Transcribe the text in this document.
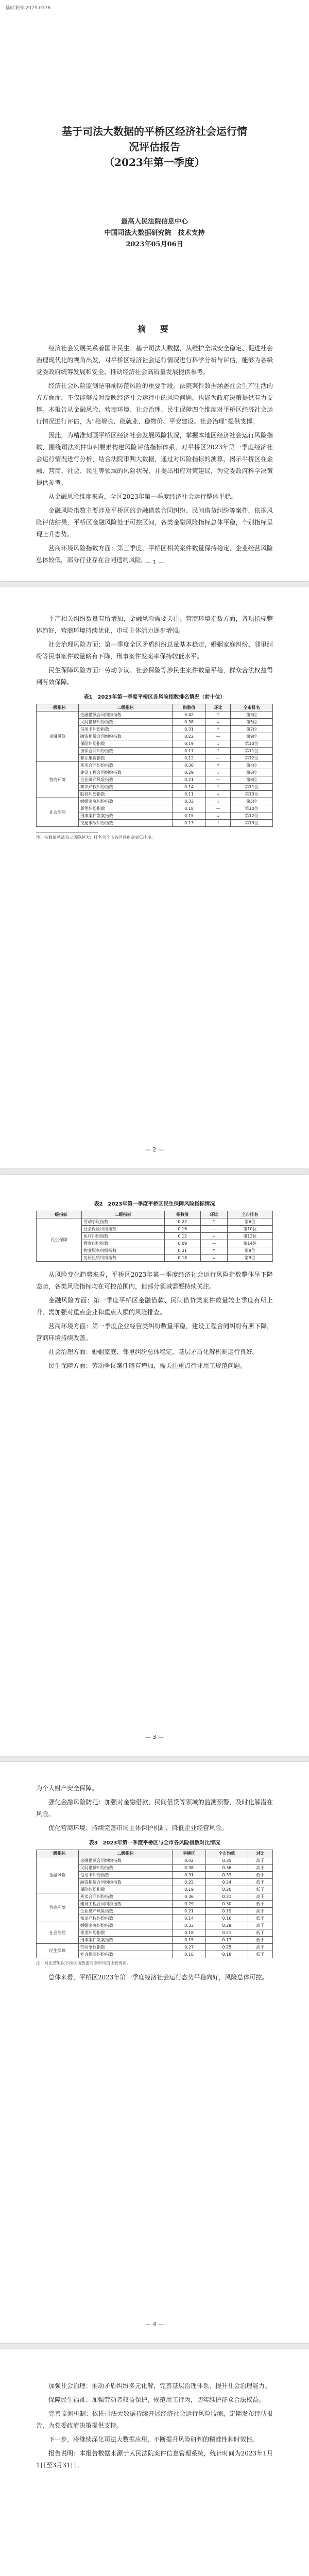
基础案例-2023-0176
基于司法大数据的平桥区经济社会运行情
况评估报告
（2023年第一季度）
最高人民法院信息中心
中国司法大数据研究院　技术支持
2023年05月06日
摘　要

经济社会发展关系着国计民生。基于司法大数据，从维护全域安全稳定、促进社会治理现代化的视角出发，对平桥区经济社会运行情况进行科学分析与评估，能够为各级党委政府统筹发展和安全、推动经济社会高质量发展提供参考。

经济社会风险监测是事前防范风险的重要手段。法院案件数据涵盖社会生产生活的方方面面，不仅能够及时反映经济社会运行中的风险问题，也能为政府决策提供有力支撑。本报告从金融风险、营商环境、社会治理、民生保障四个维度对平桥区经济社会运行情况进行评估，为“稳增长、稳就业、稳物价、平安建设、社会治理”提供支撑。

因此，为精准刻画平桥区经济社会发展风险状况，掌握本地区经济社会运行风险指数，围绕司法案件审判要素构建风险评估指标体系，对平桥区2023年第一季度经济社会运行情况进行分析，结合法院审判大数据，通过对风险指标的测算，揭示平桥区在金融、营商、社会、民生等领域的风险状况，并提出相应对策建议，为党委政府科学决策提供参考。

从金融风险维度来看，全区2023年第一季度经济社会运行整体平稳。

金融风险指数主要涉及平桥区的金融借款合同纠纷、民间借贷纠纷等案件，依据风险评估结果，平桥区金融风险处于可控区间，各类金融风险指标总体平稳，个别指标呈现上升态势。

营商环境风险指数方面：第三季度，平桥区相关案件数量保持稳定，企业经营风险总体较低，部分行业存在合同违约风险。

— 1 —

平产相关纠纷数量有所增加，金融风险需要关注。营商环境指数方面，各项指标整体趋好，营商环境持续优化，市场主体活力逐步增强。

社会治理风险方面：第一季度全区矛盾纠纷总量基本稳定，婚姻家庭纠纷、邻里纠纷等民事案件数量略有下降，刑事案件发案率保持较低水平。

民生保障风险方面：劳动争议、社会保险等涉民生案件数量平稳，群众合法权益得到有效保障。

表1　2023年第一季度平桥区各风险指数排名情况（前十位）
一级指标	二级指标	指数值	环比	全市排名
金融风险	金融借款合同纠纷指数	0.42	↑	第3位
	民间借贷纠纷指数	0.38	↓	第5位
	信用卡纠纷指数	0.31	↑	第7位
	融资租赁合同纠纷指数	0.22	—	第9位
	保险纠纷指数	0.19	↓	第10位
	担保合同纠纷指数	0.17	↑	第11位
	非法集资指数	0.12	—	第12位
营商环境	买卖合同纠纷指数	0.36	↑	第4位
	建设工程合同纠纷指数	0.29	↓	第6位
	企业破产风险指数	0.21	—	第8位
	知识产权纠纷指数	0.14	↑	第11位
	股权纠纷指数	0.11	↓	第13位
社会治理	婚姻家庭纠纷指数	0.33	↓	第5位
	邻里纠纷指数	0.18	—	第10位
	刑事案件发案指数	0.15	↓	第12位
	交通事故纠纷指数	0.13	↑	第13位
注：指数值越高表示风险越大；排名为全市各区县由高到低排序。
— 2 —
表2　2023年第一季度平桥区民生保障风险指标情况
一级指标	二级指标	指数值	环比	全市排名
民生保障	劳动争议指数	0.27	↑	第6位
	社会保险纠纷指数	0.16	—	第10位
	医疗纠纷指数	0.12	↓	第12位
	教育纠纷指数	0.09	—	第14位
	物业服务纠纷指数	0.21	↑	第8位
	房屋租赁纠纷指数	0.18	↓	第9位

从风险变化趋势来看，平桥区2023年第一季度经济社会运行风险指数整体呈下降态势，各类风险指标均在可控范围内，但部分领域需要持续关注。

金融风险方面：第一季度平桥区金融借款、民间借贷类案件数量较上季度有所上升，需加强对重点企业和重点人群的风险排查。

营商环境方面：第一季度企业经营类纠纷数量平稳，建设工程合同纠纷有所下降，营商环境持续改善。

社会治理方面：婚姻家庭、邻里纠纷总体稳定，基层矛盾化解机制运行良好。

民生保障方面：劳动争议案件略有增加，需关注重点行业用工规范问题。

— 3 —

为个人财产安全保障。

强化金融风险防范：加强对金融借款、民间借贷等领域的监测预警，及时化解潜在风险。

优化营商环境：持续完善市场主体保护机制，降低企业经营风险。

表3　2023年第一季度平桥区与全市各风险指数对比情况
一级指标	二级指标	平桥区	全市均值	对比
金融风险	金融借款合同纠纷指数	0.42	0.35	高于
	民间借贷纠纷指数	0.38	0.36	高于
	信用卡纠纷指数	0.31	0.33	低于
	融资租赁合同纠纷指数	0.22	0.24	低于
	保险纠纷指数	0.19	0.20	低于
营商环境	买卖合同纠纷指数	0.36	0.31	高于
	建设工程合同纠纷指数	0.29	0.30	低于
	企业破产风险指数	0.21	0.19	高于
	知识产权纠纷指数	0.14	0.16	低于
社会治理	婚姻家庭纠纷指数	0.33	0.29	高于
	邻里纠纷指数	0.18	0.21	低于
	刑事案件发案指数	0.15	0.17	低于
民生保障	劳动争议指数	0.27	0.25	高于
	社会保险纠纷指数	0.16	0.18	低于
注：对比结果以平桥区指数值与全市均值比较得出。

总体来看，平桥区2023年第一季度经济社会运行态势平稳向好，风险总体可控。

— 4 —

加强社会治理：推动矛盾纠纷多元化解，完善基层治理体系，提升社会治理能力。

保障民生福祉：加强劳动者权益保护，规范用工行为，切实维护群众合法权益。

完善监测机制：依托司法大数据持续开展经济社会运行风险监测，定期发布评估报告，为党委政府决策提供支持。

下一步，将继续深化司法大数据应用，不断提升风险研判的精准性和时效性。

报告说明：本报告数据来源于人民法院案件信息管理系统，统计时间为2023年1月1日至3月31日。
